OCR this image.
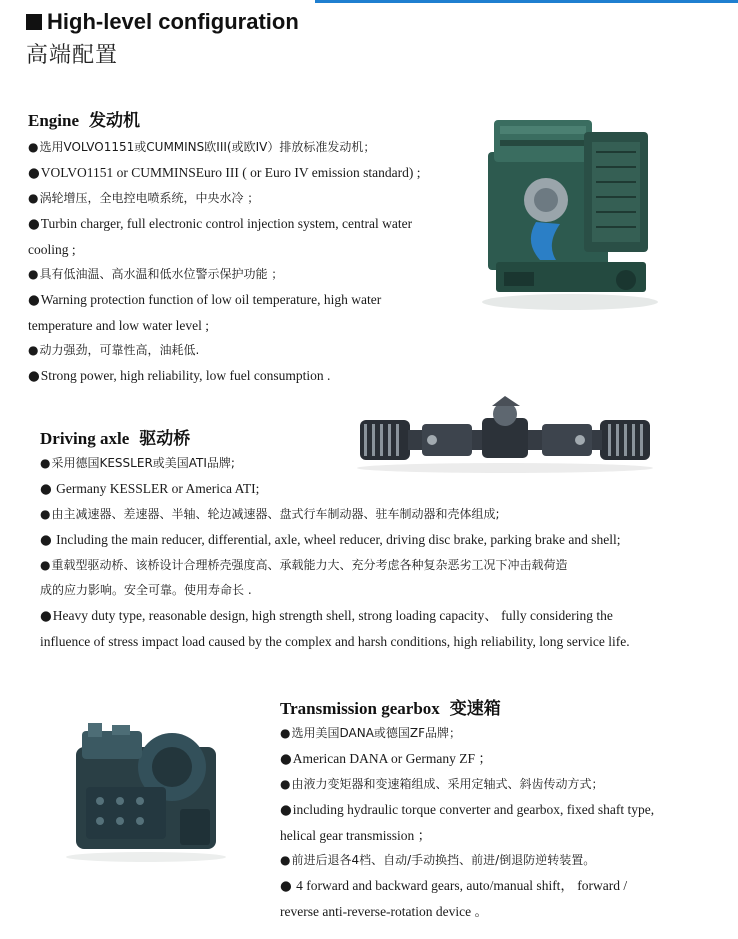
High-level configuration
高端配置
Engine 发动机
●选用VOLVO1151或CUMMINS欧III(或欧IV）排放标准发动机；
●VOLVO1151 or CUMMINSEuro III ( or Euro IV emission standard) ;
●涡轮增压，全电控电喷系统，中央水冷 ；
●Turbin charger, full electronic control injection system, central water
cooling ;
●具有低油温、高水温和低水位警示保护功能 ；
●Warning protection function of low oil temperature, high water
temperature and low water level ;
●动力强劲，可靠性高，油耗低.
●Strong power, high reliability, low fuel consumption .
Driving axle 驱动桥
●采用德国KESSLER或美国ATI品牌;
● Germany KESSLER or America ATI;
●由主减速器、差速器、半轴、轮边减速器、盘式行车制动器、驻车制动器和壳体组成;
● Including the main reducer, differential, axle, wheel reducer, driving disc brake, parking brake and shell;
●重载型驱动桥、该桥设计合理桥壳强度高、承载能力大、充分考虑各种复杂恶劣工况下冲击载荷造
成的应力影响。安全可靠。使用寿命长 .
●Heavy duty type, reasonable design, high strength shell, strong loading capacity、 fully considering the
influence of stress impact load caused by the complex and harsh conditions, high reliability, long service life.
Transmission gearbox 变速箱
●选用美国DANA或德国ZF品牌；
●American DANA or Germany ZF ；
●由液力变矩器和变速箱组成、采用定轴式、斜齿传动方式；
●including hydraulic torque converter and gearbox, fixed shaft type,
helical gear transmission ；
●前进后退各4档、自动/手动换挡、前进/倒退防逆转装置。
● 4 forward and backward gears, auto/manual shift， forward /
reverse anti-reverse-rotation device 。
